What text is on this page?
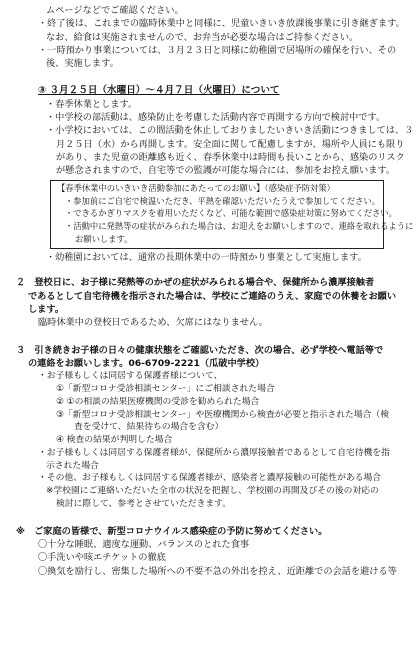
ムページなどでご確認ください。
・終了後は、これまでの臨時休業中と同様に、児童いきいき放課後事業に引き継ぎます。
なお、給食は実施されませんので、お弁当が必要な場合はご持参ください。
・一時預かり事業については、３月２３日と同様に幼稚園で居場所の確保を行い、その
後、実施します。
③ ３月２５日（水曜日）～４月７日（火曜日）について
・春季休業とします。
・中学校の部活動は、感染防止を考慮した活動内容で再開する方向で検討中です。
・小学校においては、この間活動を休止しておりましたいきいき活動につきましては、３
月２５日（水）から再開します。安全面に関して配慮しますが、場所や人員にも限り
があり、また児童の距離感も近く、春季休業中は時間も長いことから、感染のリスク
が懸念されますので、自宅等での監護が可能な場合には、参加をお控え願います。
【春季休業中のいきいき活動参加にあたってのお願い】（感染症予防対策）
・参加前にご自宅で検温いただき、平熱を確認いただいたうえで参加してください。
・できるかぎりマスクを着用いただくなど、可能な範囲で感染症対策に努めてください。
・活動中に発熱等の症状がみられた場合は、お迎えをお願いしますので、連絡を取れるように
お願いします。
・幼稚園においては、通常の長期休業中の一時預かり事業として実施します。
２　登校日に、お子様に発熱等のかぜの症状がみられる場合や、保健所から濃厚接触者
であるとして自宅待機を指示された場合は、学校にご連絡のうえ、家庭での休養をお願い
します。
臨時休業中の登校日であるため、欠席にはなりません。
３　引き続きお子様の日々の健康状態をご確認いただき、次の場合、必ず学校へ電話等で
の連絡をお願いします。06-6709-2221（瓜破中学校）
・お子様もしくは同居する保護者様について、
①「新型コロナ受診相談センター」にご相談された場合
② ①の相談の結果医療機関の受診を勧められた場合
③「新型コロナ受診相談センター」や医療機関から検査が必要と指示された場合（検
査を受けて、結果待ちの場合を含む）
④ 検査の結果が判明した場合
・お子様もしくは同居する保護者様が、保健所から濃厚接触者であるとして自宅待機を指
示された場合
・その他、お子様もしくは同居する保護者様が、感染者と濃厚接触の可能性がある場合
※学校園にご連絡いただいた全市の状況を把握し、学校園の再開及びその後の対応の
検討に際して、参考とさせていただきます。
※　ご家庭の皆様で、新型コロナウイルス感染症の予防に努めてください。
〇十分な睡眠、適度な運動、バランスのとれた食事
〇手洗いや咳エチケットの徹底
〇換気を励行し、密集した場所への不要不急の外出を控え、近距離での会話を避ける等
